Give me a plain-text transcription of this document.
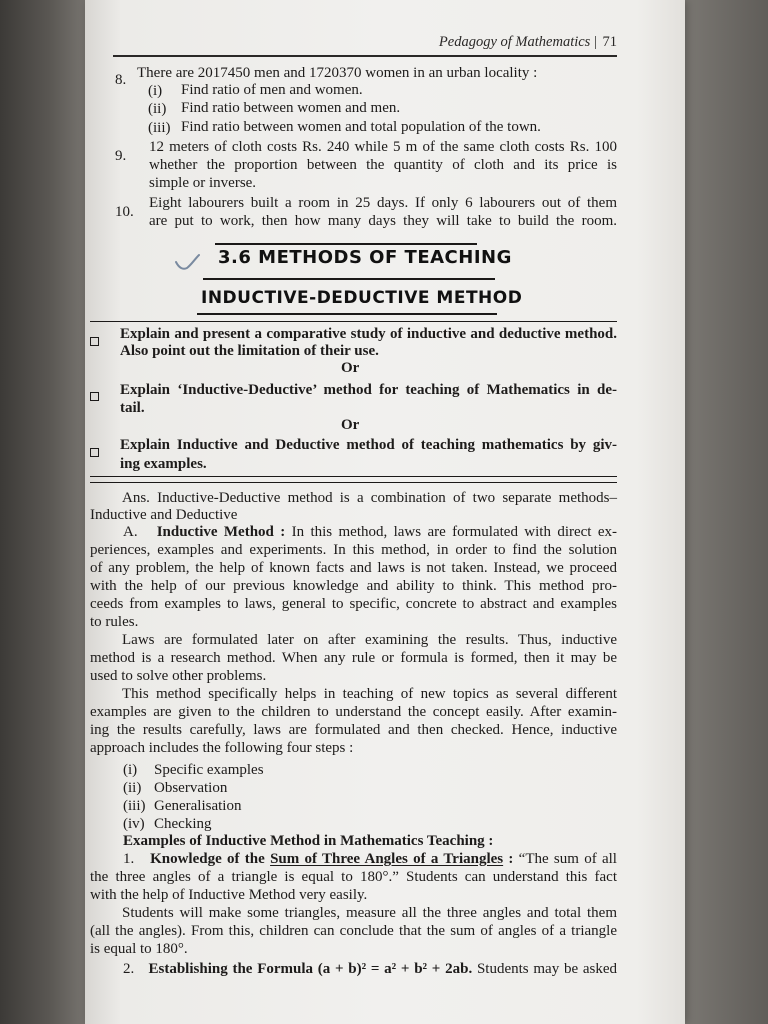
Pedagogy of Mathematics | 71
8. There are 2017450 men and 1720370 women in an urban locality :
(i) Find ratio of men and women.
(ii) Find ratio between women and men.
(iii) Find ratio between women and total population of the town.
9.
12 meters of cloth costs Rs. 240 while 5 m of the same cloth costs Rs. 100
whether the proportion between the quantity of cloth and its price is
simple or inverse.
10.
Eight labourers built a room in 25 days. If only 6 labourers out of them
are put to work, then how many days they will take to build the room.
3.6 METHODS OF TEACHING
INDUCTIVE-DEDUCTIVE METHOD
Explain and present a comparative study of inductive and deductive method.
Also point out the limitation of their use.
Or
Explain ‘Inductive-Deductive’ method for teaching of Mathematics in de-
tail.
Or
Explain Inductive and Deductive method of teaching mathematics by giv-
ing examples.
Ans. Inductive-Deductive method is a combination of two separate methods–
Inductive and Deductive
A. Inductive Method : In this method, laws are formulated with direct ex-
periences, examples and experiments. In this method, in order to find the solution
of any problem, the help of known facts and laws is not taken. Instead, we proceed
with the help of our previous knowledge and ability to think. This method pro-
ceeds from examples to laws, general to specific, concrete to abstract and examples
to rules.
Laws are formulated later on after examining the results. Thus, inductive
method is a research method. When any rule or formula is formed, then it may be
used to solve other problems.
This method specifically helps in teaching of new topics as several different
examples are given to the children to understand the concept easily. After examin-
ing the results carefully, laws are formulated and then checked. Hence, inductive
approach includes the following four steps :
(i) Specific examples
(ii) Observation
(iii) Generalisation
(iv) Checking
Examples of Inductive Method in Mathematics Teaching :
1. Knowledge of the Sum of Three Angles of a Triangles : “The sum of all
the three angles of a triangle is equal to 180°.” Students can understand this fact
with the help of Inductive Method very easily.
Students will make some triangles, measure all the three angles and total them
(all the angles). From this, children can conclude that the sum of angles of a triangle
is equal to 180°.
2. Establishing the Formula (a + b)² = a² + b² + 2ab. Students may be asked
